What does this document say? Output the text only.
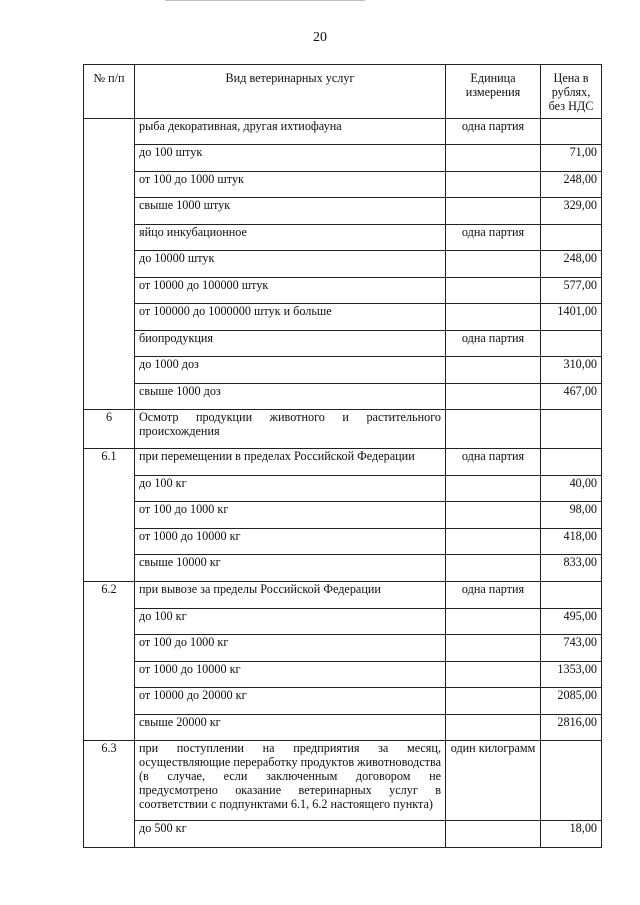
20
№ п/п	Вид ветеринарных услуг	Единица измерения	Цена в рублях, без НДС
	рыба декоративная, другая ихтиофауна	одна партия	
	до 100 штук		71,00
	от 100 до 1000 штук		248,00
	свыше 1000 штук		329,00
	яйцо инкубационное	одна партия	
	до 10000 штук		248,00
	от 10000 до 100000 штук		577,00
	от 100000 до 1000000 штук и больше		1401,00
	биопродукция	одна партия	
	до 1000 доз		310,00
	свыше 1000 доз		467,00
6	Осмотр продукции животного и растительного происхождения		
6.1	при перемещении в пределах Российской Федерации	одна партия	
	до 100 кг		40,00
	от 100 до 1000 кг		98,00
	от 1000 до 10000 кг		418,00
	свыше 10000 кг		833,00
6.2	при вывозе за пределы Российской Федерации	одна партия	
	до 100 кг		495,00
	от 100 до 1000 кг		743,00
	от 1000 до 10000 кг		1353,00
	от 10000 до 20000 кг		2085,00
	свыше 20000 кг		2816,00
6.3	при поступлении на предприятия за месяц, осуществляющие переработку продуктов животноводства (в случае, если заключенным договором не предусмотрено оказание ветеринарных услуг в соответствии с подпунктами 6.1, 6.2 настоящего пункта)	один килограмм	
	до 500 кг		18,00
